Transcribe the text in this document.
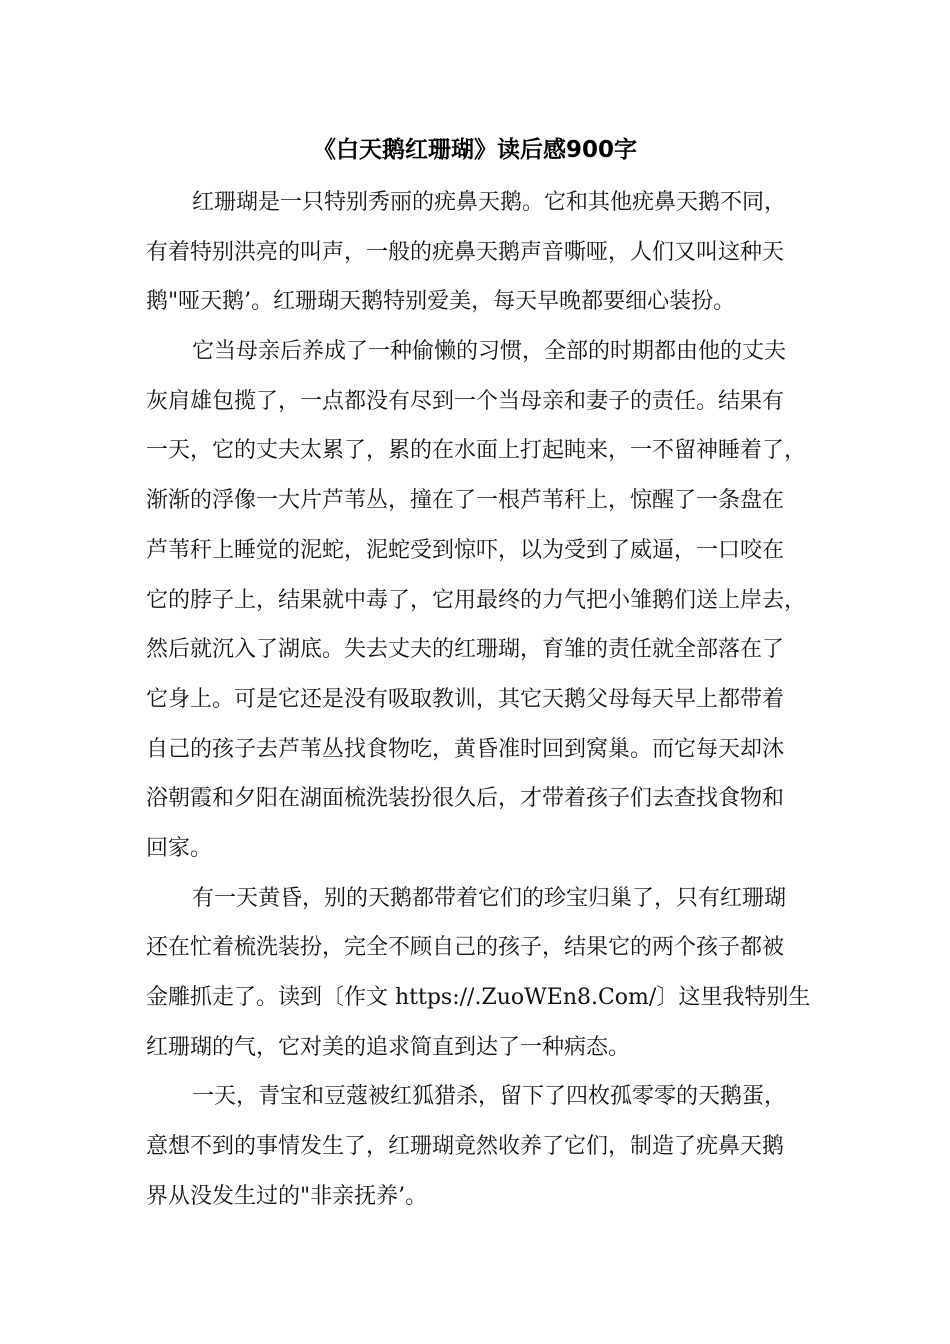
《白天鹅红珊瑚》读后感900字
红珊瑚是一只特别秀丽的疣鼻天鹅。它和其他疣鼻天鹅不同，
有着特别洪亮的叫声，一般的疣鼻天鹅声音嘶哑，人们又叫这种天
鹅"哑天鹅’。红珊瑚天鹅特别爱美，每天早晚都要细心装扮。
它当母亲后养成了一种偷懒的习惯，全部的时期都由他的丈夫
灰肩雄包揽了，一点都没有尽到一个当母亲和妻子的责任。结果有
一天，它的丈夫太累了，累的在水面上打起盹来，一不留神睡着了，
渐渐的浮像一大片芦苇丛，撞在了一根芦苇秆上，惊醒了一条盘在
芦苇秆上睡觉的泥蛇，泥蛇受到惊吓，以为受到了威逼，一口咬在
它的脖子上，结果就中毒了，它用最终的力气把小雏鹅们送上岸去，
然后就沉入了湖底。失去丈夫的红珊瑚，育雏的责任就全部落在了
它身上。可是它还是没有吸取教训，其它天鹅父母每天早上都带着
自己的孩子去芦苇丛找食物吃，黄昏准时回到窝巢。而它每天却沐
浴朝霞和夕阳在湖面梳洗装扮很久后，才带着孩子们去查找食物和
回家。
有一天黄昏，别的天鹅都带着它们的珍宝归巢了，只有红珊瑚
还在忙着梳洗装扮，完全不顾自己的孩子，结果它的两个孩子都被
金雕抓走了。读到〔作文 https://.ZuoWEn8.Com/〕这里我特别生
红珊瑚的气，它对美的追求简直到达了一种病态。
一天，青宝和豆蔻被红狐猎杀，留下了四枚孤零零的天鹅蛋，
意想不到的事情发生了，红珊瑚竟然收养了它们，制造了疣鼻天鹅
界从没发生过的"非亲抚养’。
